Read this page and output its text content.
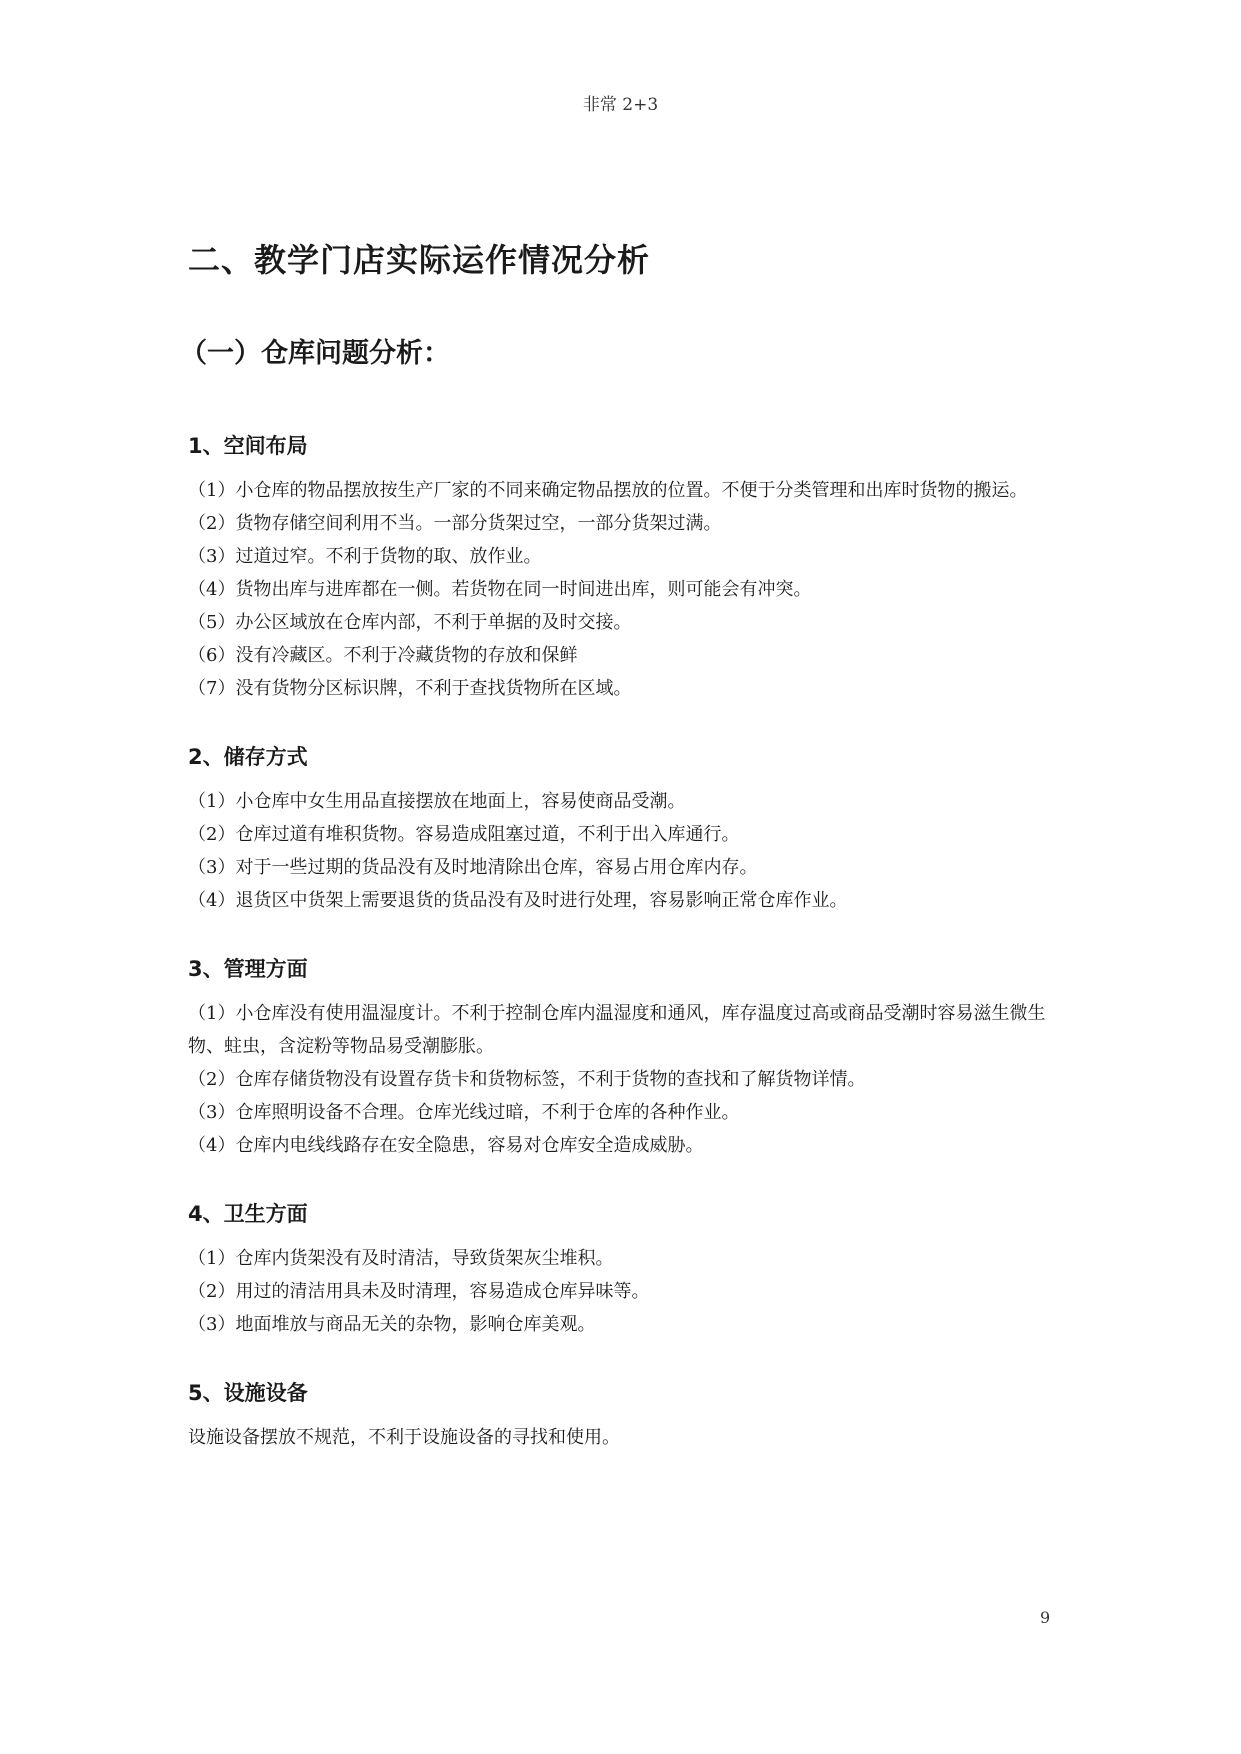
非常 2+3
二、教学门店实际运作情况分析
（一）仓库问题分析：
1、空间布局

（1）小仓库的物品摆放按生产厂家的不同来确定物品摆放的位置。不便于分类管理和出库时货物的搬运。

（2）货物存储空间利用不当。一部分货架过空，一部分货架过满。

（3）过道过窄。不利于货物的取、放作业。

（4）货物出库与进库都在一侧。若货物在同一时间进出库，则可能会有冲突。

（5）办公区域放在仓库内部，不利于单据的及时交接。

（6）没有冷藏区。不利于冷藏货物的存放和保鲜

（7）没有货物分区标识牌，不利于查找货物所在区域。

2、储存方式

（1）小仓库中女生用品直接摆放在地面上，容易使商品受潮。

（2）仓库过道有堆积货物。容易造成阻塞过道，不利于出入库通行。

（3）对于一些过期的货品没有及时地清除出仓库，容易占用仓库内存。

（4）退货区中货架上需要退货的货品没有及时进行处理，容易影响正常仓库作业。

3、管理方面

（1）小仓库没有使用温湿度计。不利于控制仓库内温湿度和通风，库存温度过高或商品受潮时容易滋生微生物、蛀虫，含淀粉等物品易受潮膨胀。

（2）仓库存储货物没有设置存货卡和货物标签，不利于货物的查找和了解货物详情。

（3）仓库照明设备不合理。仓库光线过暗，不利于仓库的各种作业。

（4）仓库内电线线路存在安全隐患，容易对仓库安全造成威胁。

4、卫生方面

（1）仓库内货架没有及时清洁，导致货架灰尘堆积。

（2）用过的清洁用具未及时清理，容易造成仓库异味等。

（3）地面堆放与商品无关的杂物，影响仓库美观。

5、设施设备

设施设备摆放不规范，不利于设施设备的寻找和使用。

9
